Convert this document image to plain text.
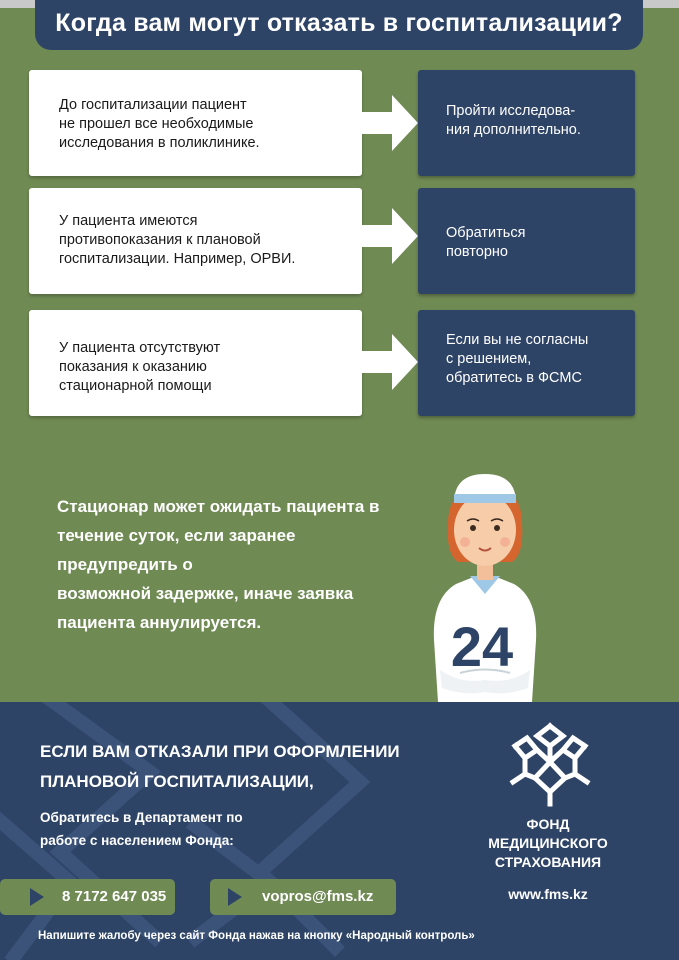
Когда вам могут отказать в госпитализации?
До госпитализации пациент
не прошел все необходимые
исследования в поликлинике.
Пройти исследова-
ния дополнительно.
У пациента имеются
противопоказания к плановой
госпитализации. Например, ОРВИ.
Обратиться
повторно
У пациента отсутствуют
показания к оказанию
стационарной помощи
Если вы не согласны
с решением,
обратитесь в ФСМС
Стационар может ожидать пациента в
течение суток, если заранее предупредить о
возможной задержке, иначе заявка
пациента аннулируется.	24
ЕСЛИ ВАМ ОТКАЗАЛИ ПРИ ОФОРМЛЕНИИ
ПЛАНОВОЙ ГОСПИТАЛИЗАЦИИ,
Обратитесь в Департамент по
работе с населением Фонда:
8 7172 647 035	vopros@fms.kz
ФОНД
МЕДИЦИНСКОГО
СТРАХОВАНИЯ
www.fms.kz
Напишите жалобу через сайт Фонда нажав на кнопку «Народный контроль»
